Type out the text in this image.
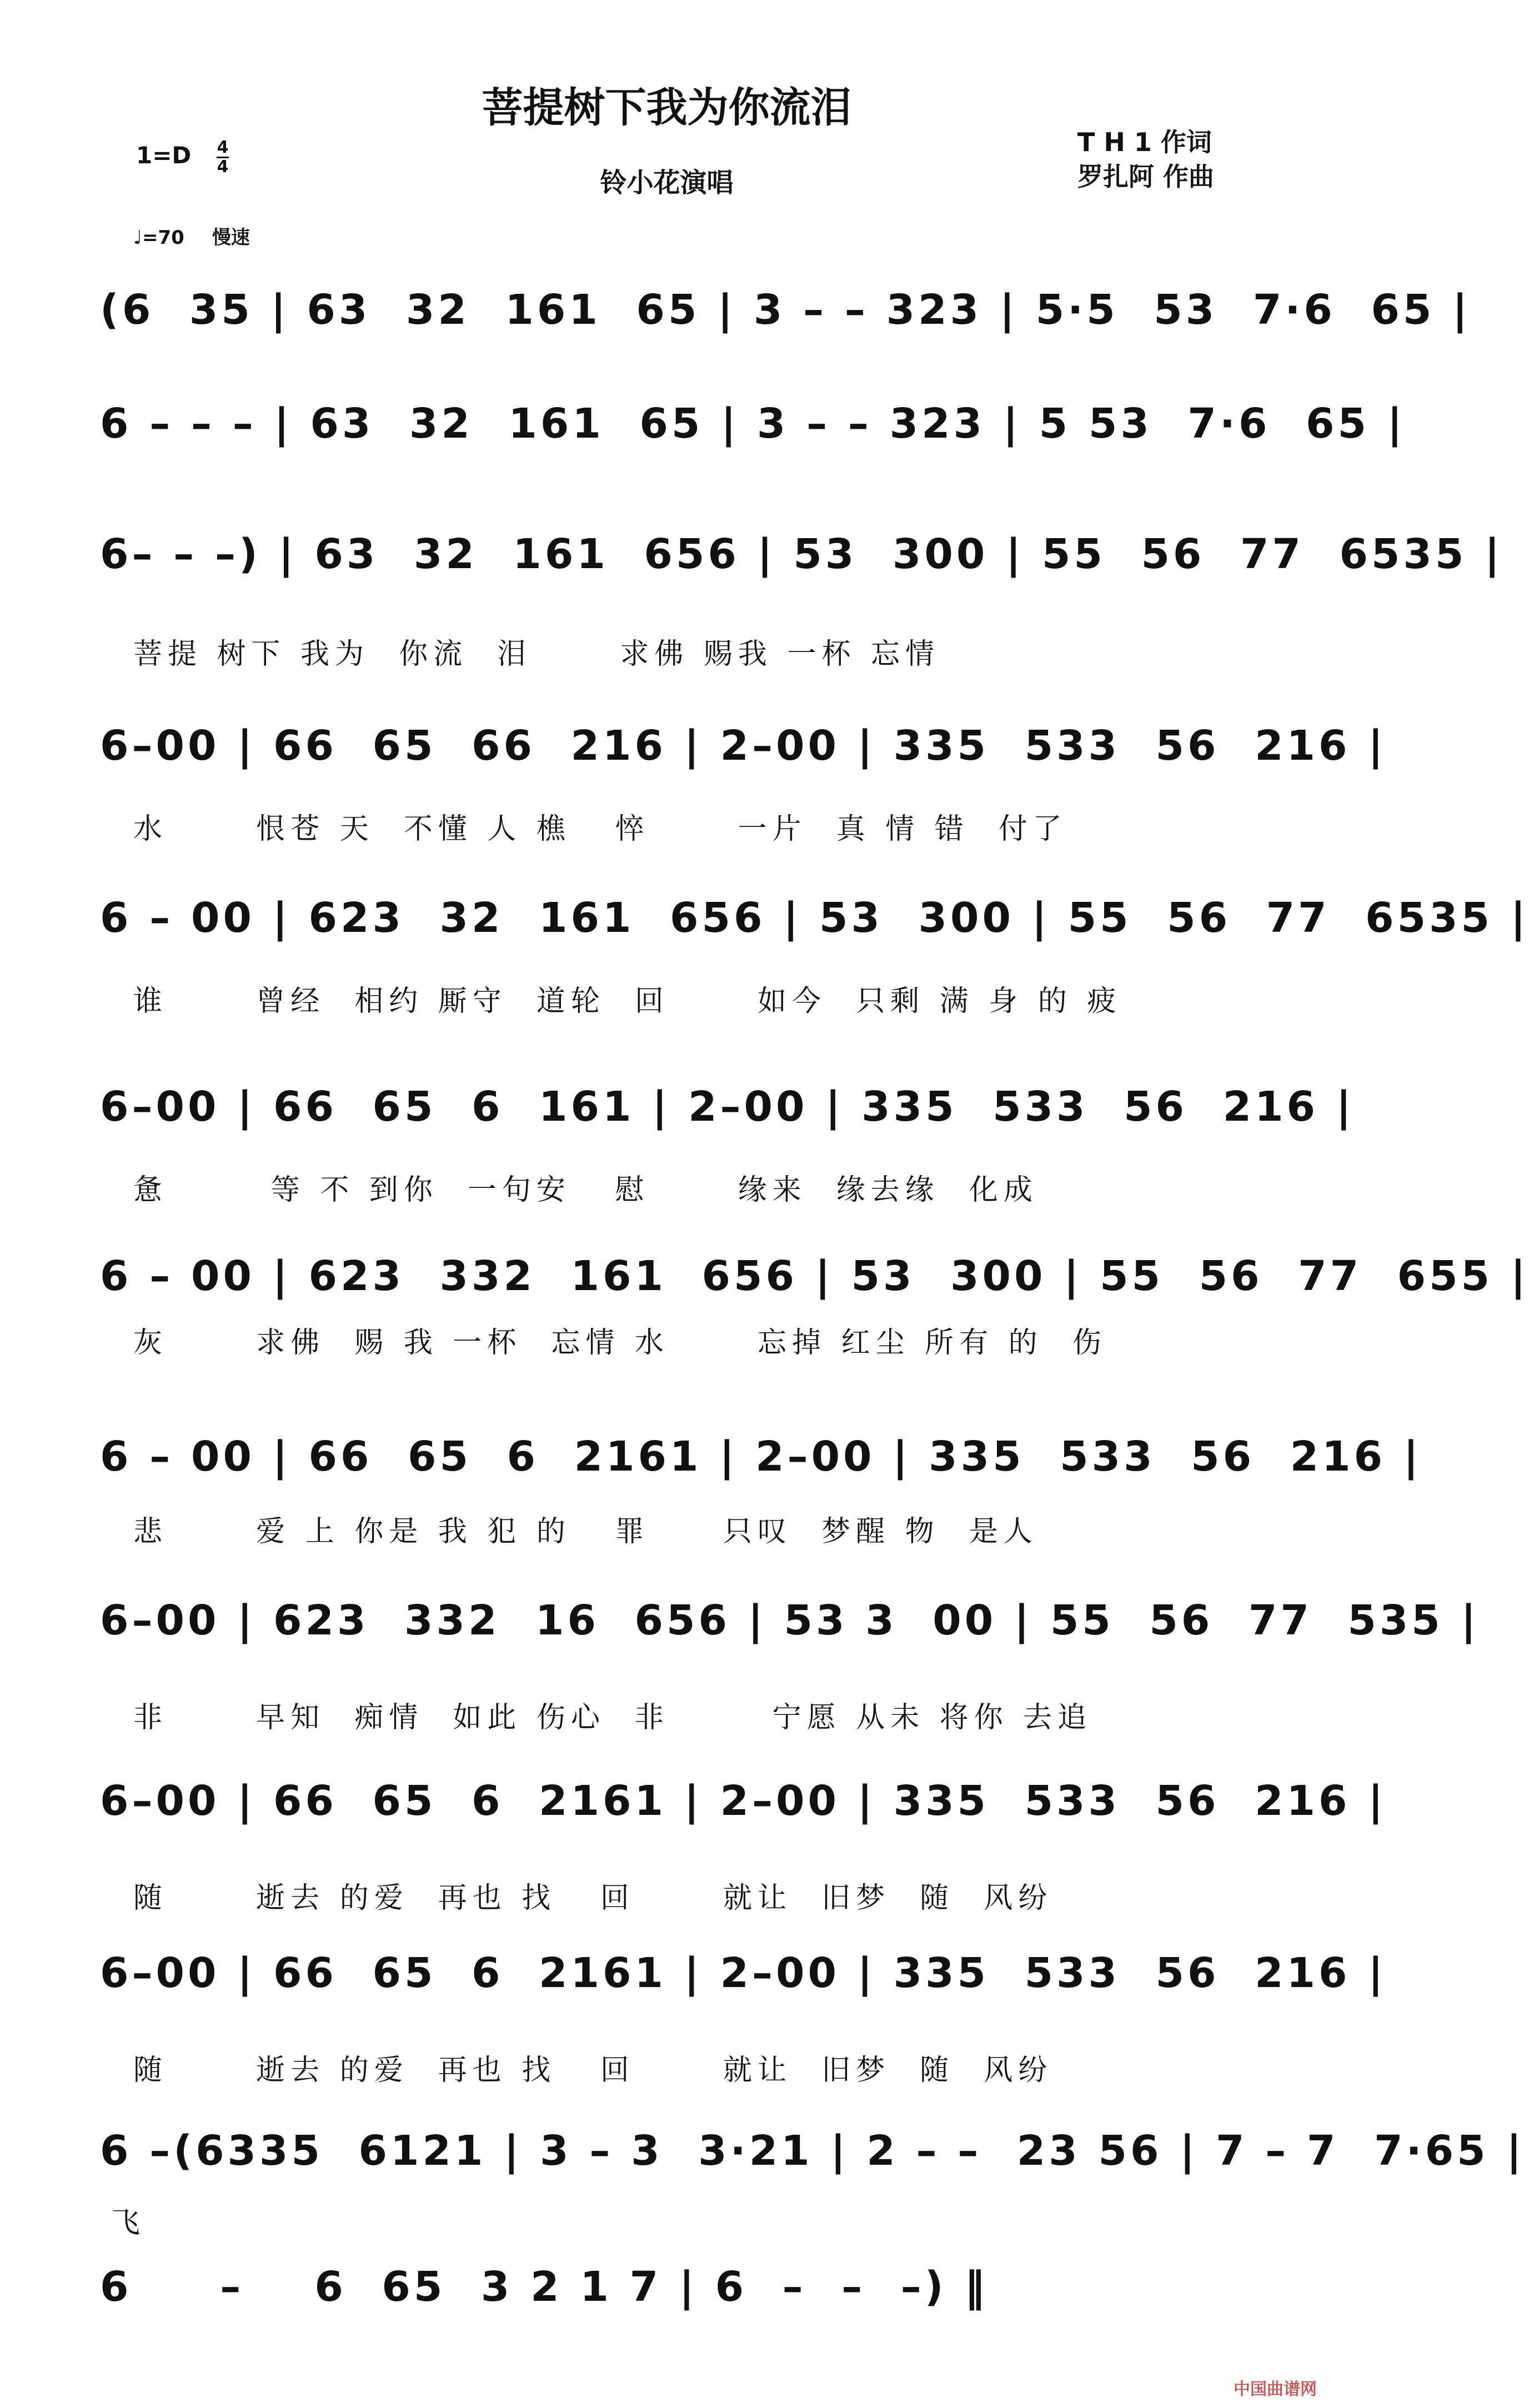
菩提树下我为你流泪
1=D 4
4
铃小花演唱
T H 1 作词
罗扎阿 作曲
♩=70 慢速
(6  35 | 63  32  161  65 | 3 – – 323 | 5·5  53  7·6  65 |
6 – – – | 63  32  161  65 | 3 – – 323 | 5 53  7·6  65 |
6– – –) | 63  32  161  656 | 53  300 | 55  56  77  6535 |
菩提 树下 我为  你流  泪      求佛 赐我 一杯 忘情
6–00 | 66  65  66  216 | 2–00 | 335  533  56  216 |
水      恨苍 天  不懂 人 樵   悴      一片  真 情 错  付了
6 – 00 | 623  32  161  656 | 53  300 | 55  56  77  6535 |
谁      曾经  相约 厮守  道轮  回      如今  只剩 满 身 的 疲
6–00 | 66  65  6  161 | 2–00 | 335  533  56  216 |
惫       等 不 到你  一句安   慰      缘来  缘去缘  化成
6 – 00 | 623  332  161  656 | 53  300 | 55  56  77  655 |
灰      求佛  赐 我 一杯  忘情 水      忘掉 红尘 所有 的  伤
6 – 00 | 66  65  6  2161 | 2–00 | 335  533  56  216 |
悲      爱 上 你是 我 犯 的   罪     只叹  梦醒 物  是人
6–00 | 623  332  16  656 | 53 3  00 | 55  56  77  535 |
非      早知  痴情  如此 伤心  非       宁愿 从未 将你 去追
6–00 | 66  65  6  2161 | 2–00 | 335  533  56  216 |
随      逝去 的爱  再也 找   回      就让  旧梦  随  风纷
6–00 | 66  65  6  2161 | 2–00 | 335  533  56  216 |
随      逝去 的爱  再也 找   回      就让  旧梦  随  风纷
6 –(6335  6121 | 3 – 3  3·21 | 2 – –  23 56 | 7 – 7  7·65 |
飞
6     –    6  65  3 2 1 7 | 6  –  –  –) ‖
中国曲谱网
